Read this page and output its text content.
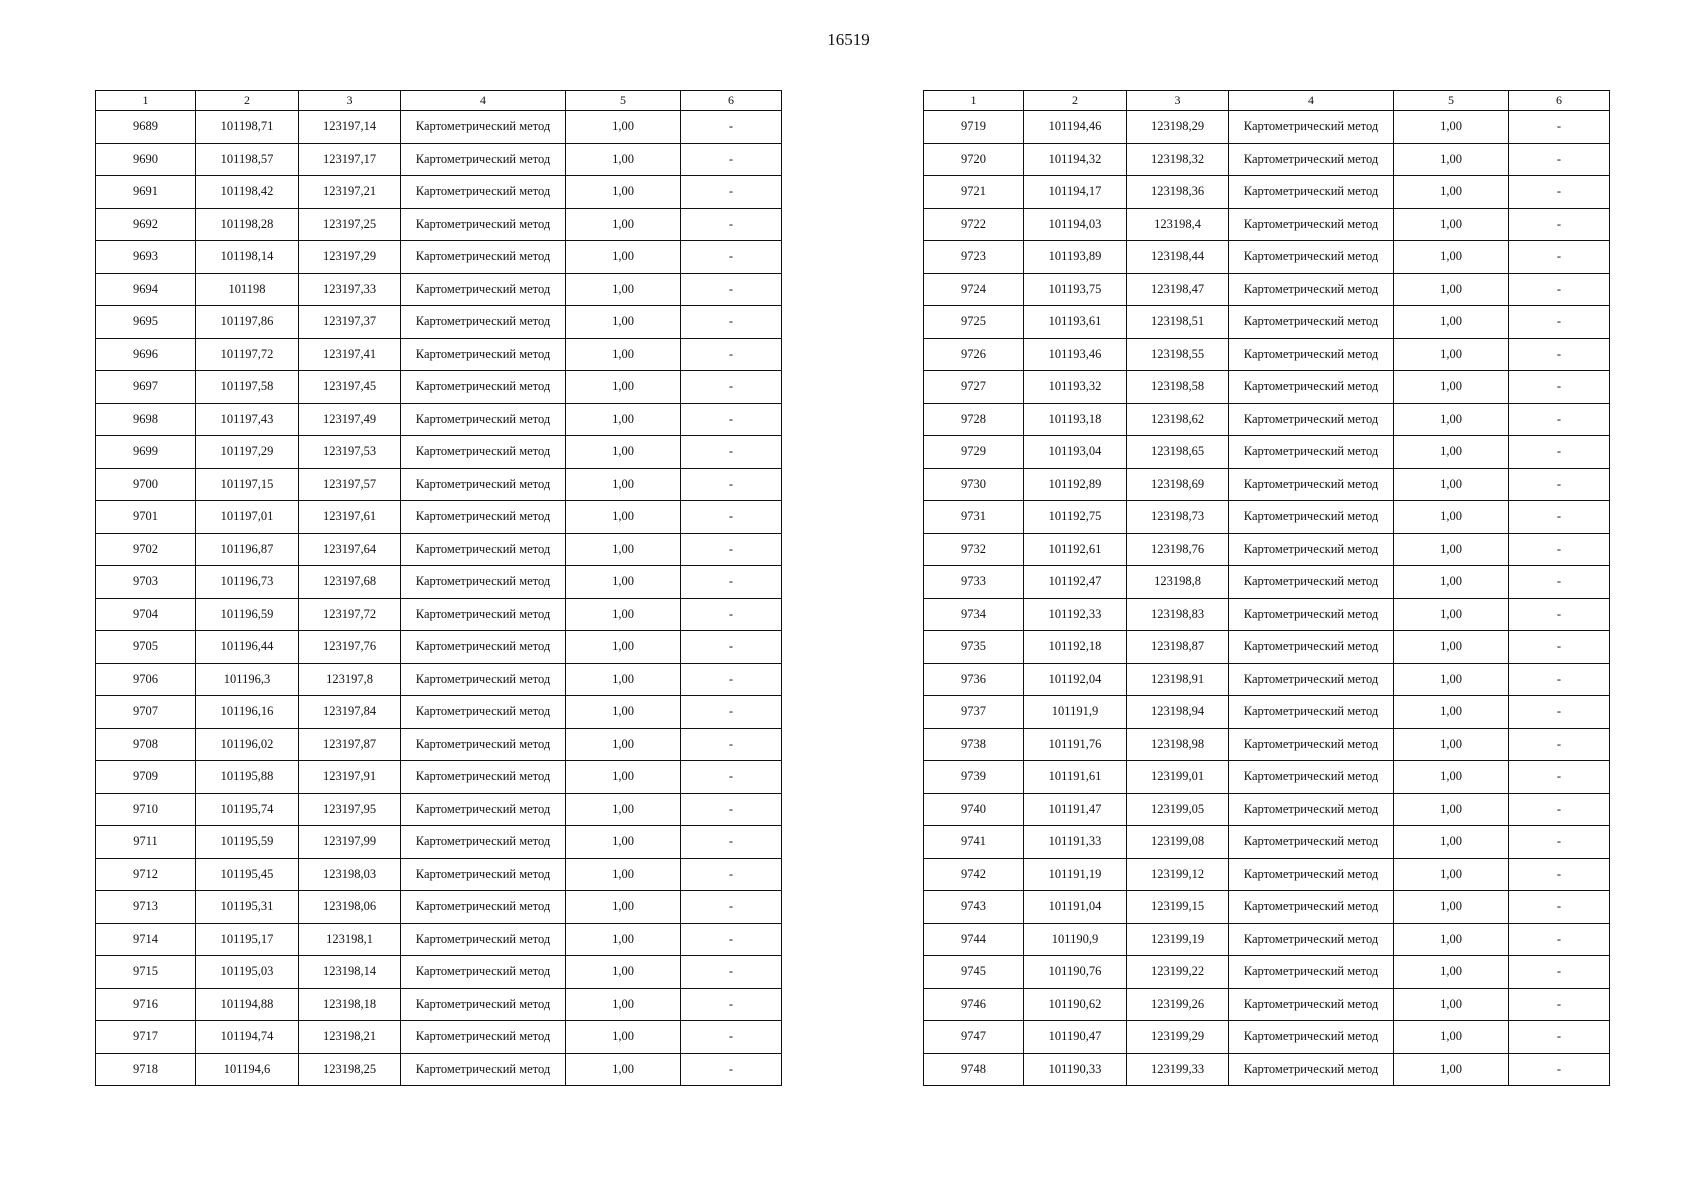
16519
1	2	3	4	5	6
9689	101198,71	123197,14	Картометрический метод	1,00	-
9690	101198,57	123197,17	Картометрический метод	1,00	-
9691	101198,42	123197,21	Картометрический метод	1,00	-
9692	101198,28	123197,25	Картометрический метод	1,00	-
9693	101198,14	123197,29	Картометрический метод	1,00	-
9694	101198	123197,33	Картометрический метод	1,00	-
9695	101197,86	123197,37	Картометрический метод	1,00	-
9696	101197,72	123197,41	Картометрический метод	1,00	-
9697	101197,58	123197,45	Картометрический метод	1,00	-
9698	101197,43	123197,49	Картометрический метод	1,00	-
9699	101197,29	123197,53	Картометрический метод	1,00	-
9700	101197,15	123197,57	Картометрический метод	1,00	-
9701	101197,01	123197,61	Картометрический метод	1,00	-
9702	101196,87	123197,64	Картометрический метод	1,00	-
9703	101196,73	123197,68	Картометрический метод	1,00	-
9704	101196,59	123197,72	Картометрический метод	1,00	-
9705	101196,44	123197,76	Картометрический метод	1,00	-
9706	101196,3	123197,8	Картометрический метод	1,00	-
9707	101196,16	123197,84	Картометрический метод	1,00	-
9708	101196,02	123197,87	Картометрический метод	1,00	-
9709	101195,88	123197,91	Картометрический метод	1,00	-
9710	101195,74	123197,95	Картометрический метод	1,00	-
9711	101195,59	123197,99	Картометрический метод	1,00	-
9712	101195,45	123198,03	Картометрический метод	1,00	-
9713	101195,31	123198,06	Картометрический метод	1,00	-
9714	101195,17	123198,1	Картометрический метод	1,00	-
9715	101195,03	123198,14	Картометрический метод	1,00	-
9716	101194,88	123198,18	Картометрический метод	1,00	-
9717	101194,74	123198,21	Картометрический метод	1,00	-
9718	101194,6	123198,25	Картометрический метод	1,00	-
1	2	3	4	5	6
9719	101194,46	123198,29	Картометрический метод	1,00	-
9720	101194,32	123198,32	Картометрический метод	1,00	-
9721	101194,17	123198,36	Картометрический метод	1,00	-
9722	101194,03	123198,4	Картометрический метод	1,00	-
9723	101193,89	123198,44	Картометрический метод	1,00	-
9724	101193,75	123198,47	Картометрический метод	1,00	-
9725	101193,61	123198,51	Картометрический метод	1,00	-
9726	101193,46	123198,55	Картометрический метод	1,00	-
9727	101193,32	123198,58	Картометрический метод	1,00	-
9728	101193,18	123198,62	Картометрический метод	1,00	-
9729	101193,04	123198,65	Картометрический метод	1,00	-
9730	101192,89	123198,69	Картометрический метод	1,00	-
9731	101192,75	123198,73	Картометрический метод	1,00	-
9732	101192,61	123198,76	Картометрический метод	1,00	-
9733	101192,47	123198,8	Картометрический метод	1,00	-
9734	101192,33	123198,83	Картометрический метод	1,00	-
9735	101192,18	123198,87	Картометрический метод	1,00	-
9736	101192,04	123198,91	Картометрический метод	1,00	-
9737	101191,9	123198,94	Картометрический метод	1,00	-
9738	101191,76	123198,98	Картометрический метод	1,00	-
9739	101191,61	123199,01	Картометрический метод	1,00	-
9740	101191,47	123199,05	Картометрический метод	1,00	-
9741	101191,33	123199,08	Картометрический метод	1,00	-
9742	101191,19	123199,12	Картометрический метод	1,00	-
9743	101191,04	123199,15	Картометрический метод	1,00	-
9744	101190,9	123199,19	Картометрический метод	1,00	-
9745	101190,76	123199,22	Картометрический метод	1,00	-
9746	101190,62	123199,26	Картометрический метод	1,00	-
9747	101190,47	123199,29	Картометрический метод	1,00	-
9748	101190,33	123199,33	Картометрический метод	1,00	-
